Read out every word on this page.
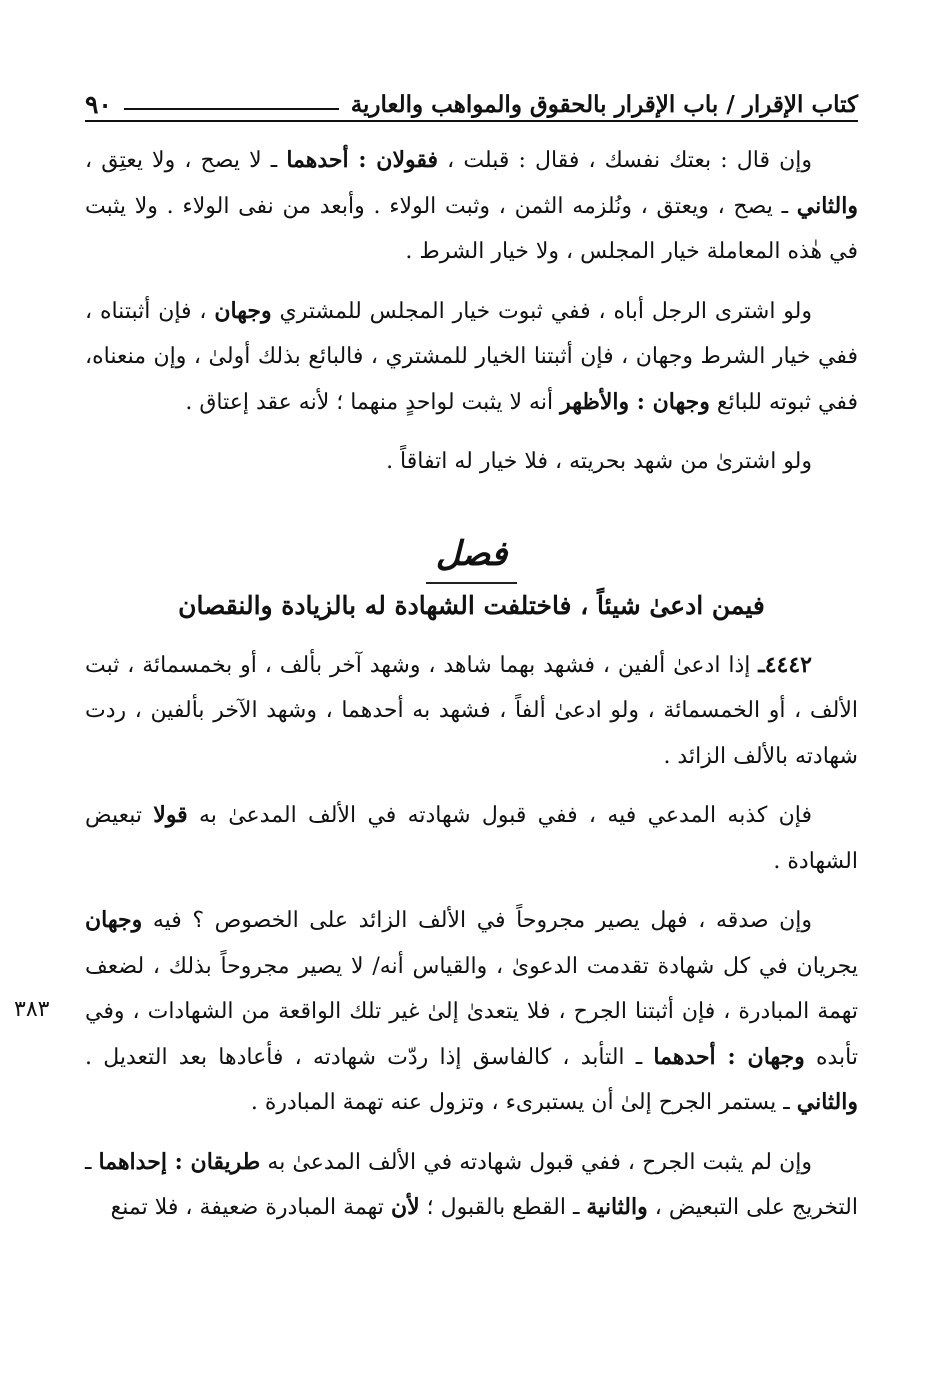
كتاب الإقرار / باب الإقرار بالحقوق والمواهب والعارية
٩٠
٣٨٣

وإن قال : بعتك نفسك ، فقال : قبلت ، فقولان : أحدهما ـ لا يصح ، ولا يعتِق ، والثاني ـ يصح ، ويعتق ، ونُلزمه الثمن ، وثبت الولاء . وأبعد من نفى الولاء . ولا يثبت في هٰذه المعاملة خيار المجلس ، ولا خيار الشرط .

ولو اشترى الرجل أباه ، ففي ثبوت خيار المجلس للمشتري وجهان ، فإن أثبتناه ، ففي خيار الشرط وجهان ، فإن أثبتنا الخيار للمشتري ، فالبائع بذلك أولىٰ ، وإن منعناه، ففي ثبوته للبائع وجهان : والأظهر أنه لا يثبت لواحدٍ منهما ؛ لأنه عقد إعتاق .

ولو اشترىٰ من شهد بحريته ، فلا خيار له اتفاقاً .

فصل
فيمن ادعىٰ شيئاً ، فاختلفت الشهادة له بالزيادة والنقصان

٤٤٤٢ـ إذا ادعىٰ ألفين ، فشهد بهما شاهد ، وشهد آخر بألف ، أو بخمسمائة ، ثبت الألف ، أو الخمسمائة ، ولو ادعىٰ ألفاً ، فشهد به أحدهما ، وشهد الآخر بألفين ، ردت شهادته بالألف الزائد .

فإن كذبه المدعي فيه ، ففي قبول شهادته في الألف المدعىٰ به قولا تبعيض الشهادة .

وإن صدقه ، فهل يصير مجروحاً في الألف الزائد على الخصوص ؟ فيه وجهان يجريان في كل شهادة تقدمت الدعوىٰ ، والقياس أنه/ لا يصير مجروحاً بذلك ، لضعف تهمة المبادرة ، فإن أثبتنا الجرح ، فلا يتعدىٰ إلىٰ غير تلك الواقعة من الشهادات ، وفي تأبده وجهان : أحدهما ـ التأبد ، كالفاسق إذا ردّت شهادته ، فأعادها بعد التعديل . والثاني ـ يستمر الجرح إلىٰ أن يستبرىء ، وتزول عنه تهمة المبادرة .

وإن لم يثبت الجرح ، ففي قبول شهادته في الألف المدعىٰ به طريقان : إحداهما ـ التخريج على التبعيض ، والثانية ـ القطع بالقبول ؛ لأن تهمة المبادرة ضعيفة ، فلا تمنع
